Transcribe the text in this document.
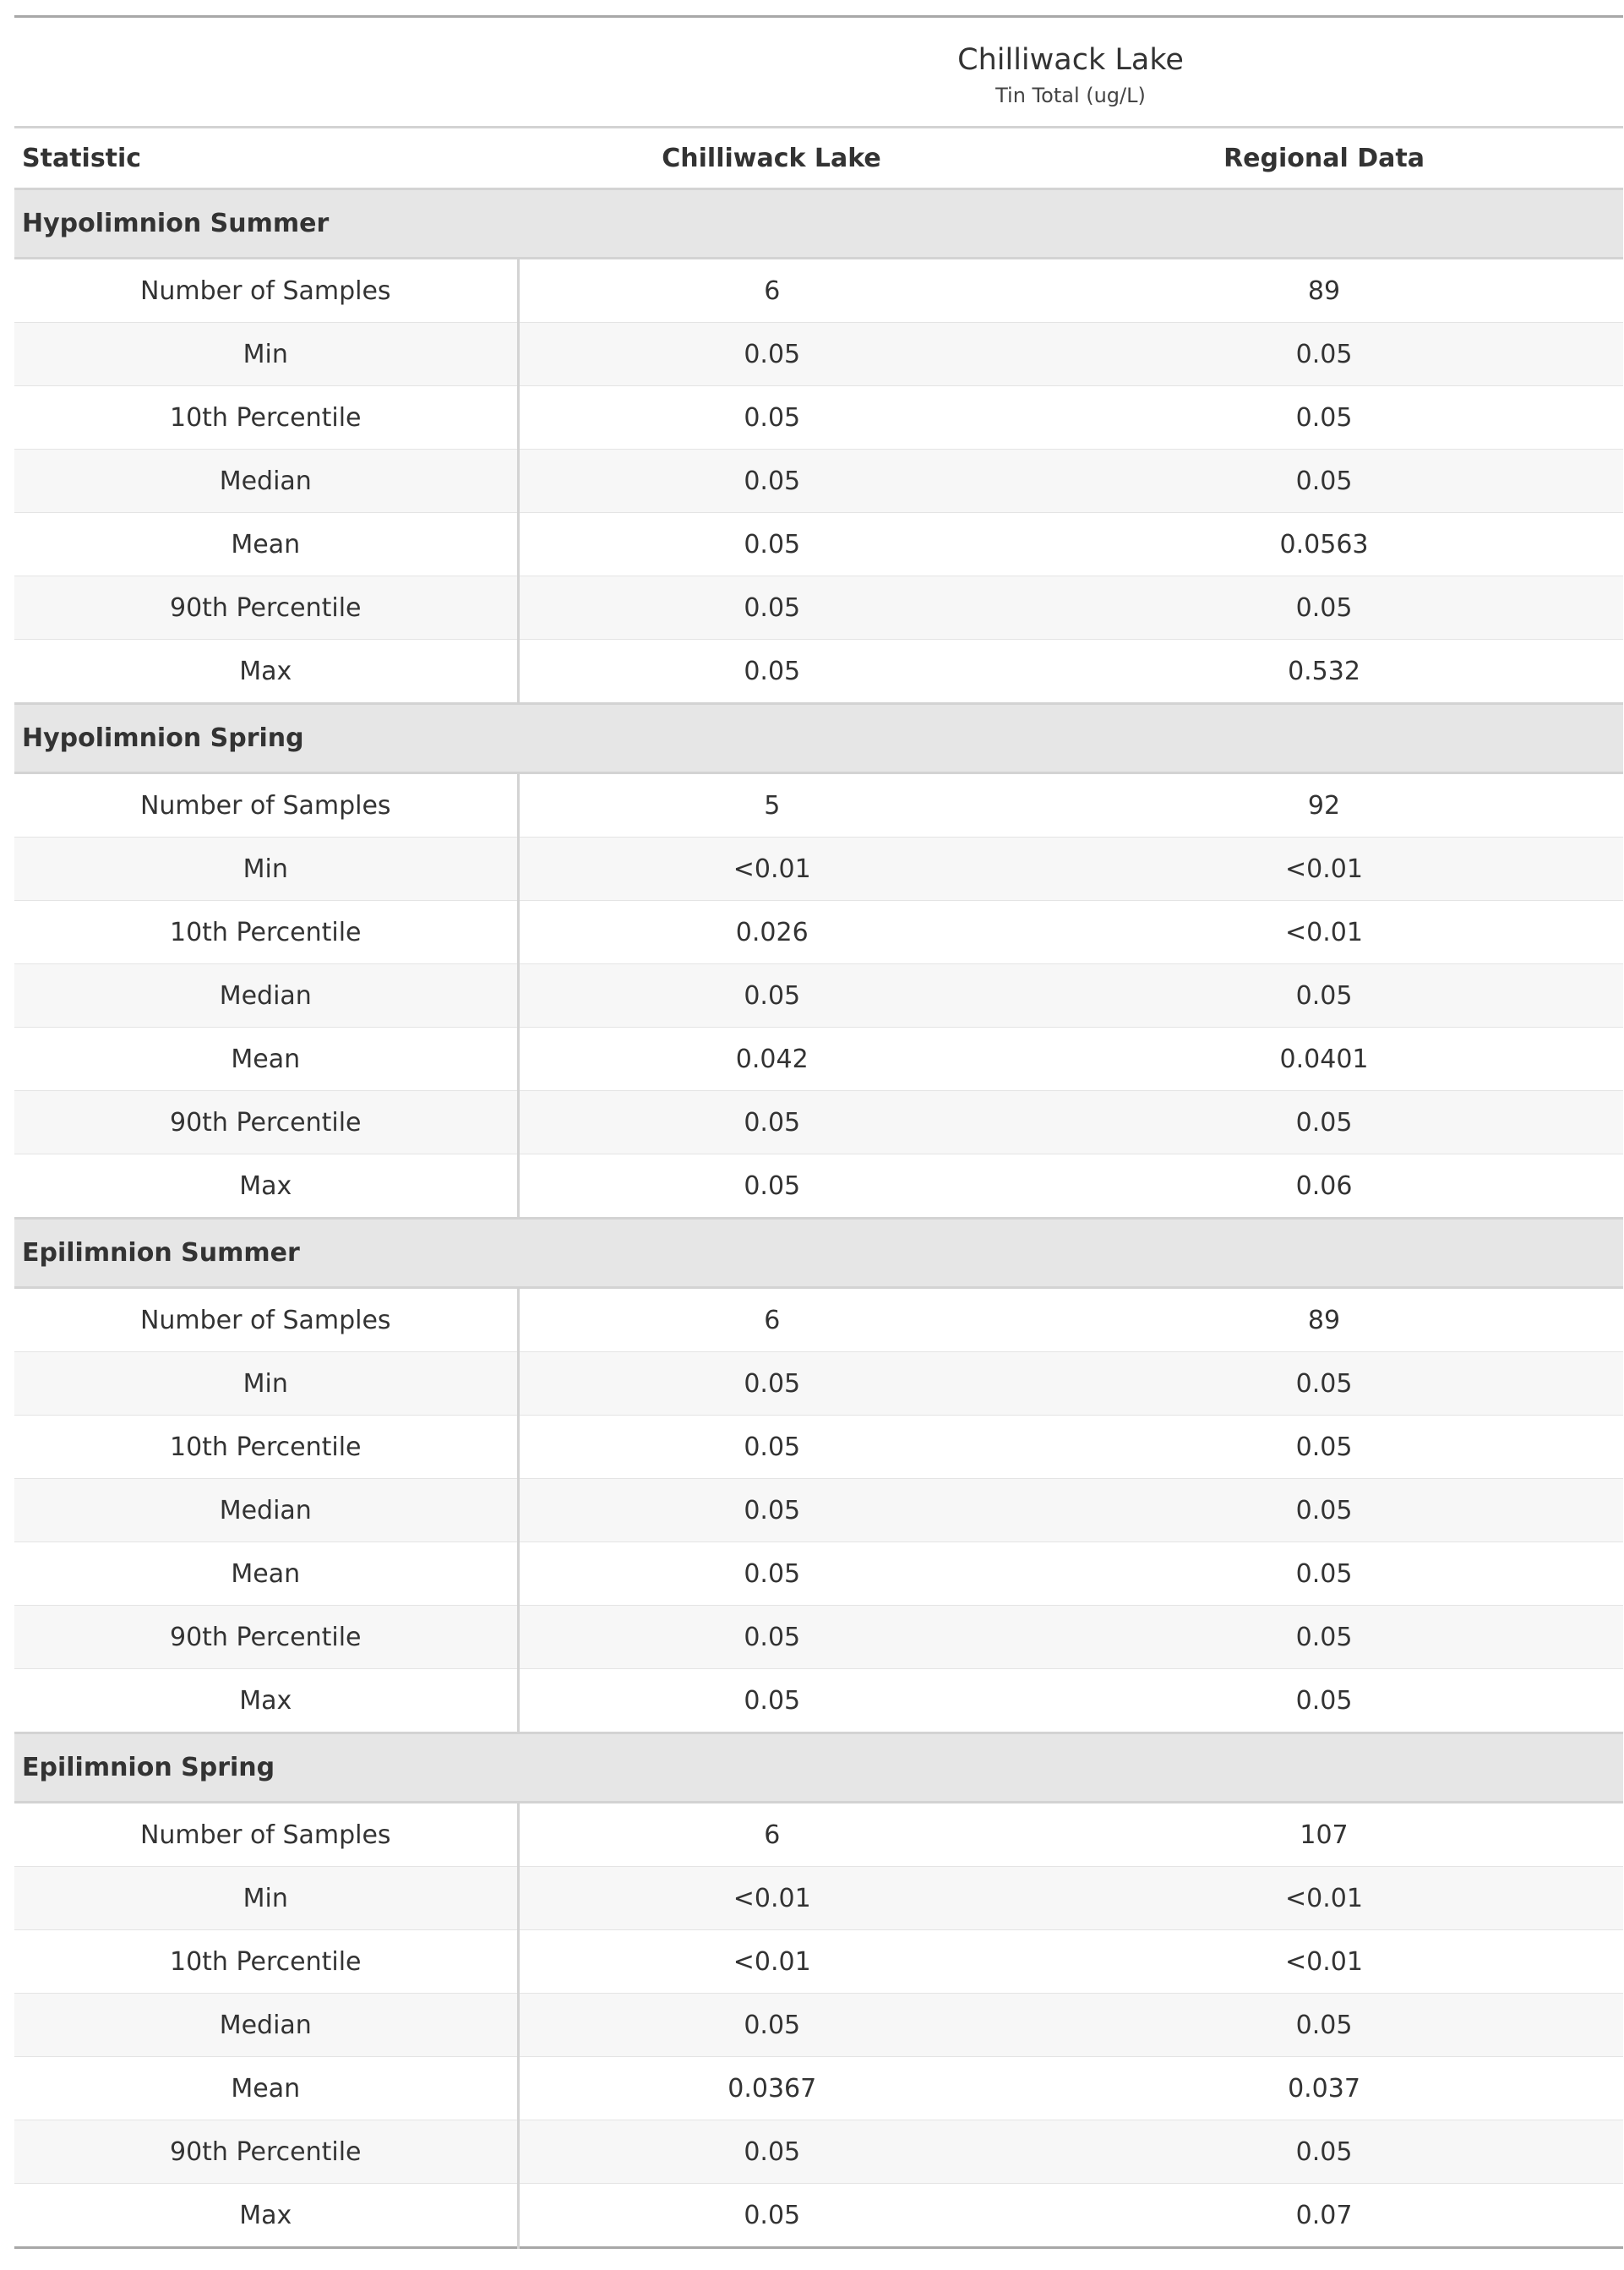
	Chilliwack Lake	
	Tin Total (ug/L)	
Statistic	Chilliwack Lake	Regional Data
Hypolimnion Summer		
Number of Samples	6	89
Min	0.05	0.05
10th Percentile	0.05	0.05
Median	0.05	0.05
Mean	0.05	0.0563
90th Percentile	0.05	0.05
Max	0.05	0.532
Hypolimnion Spring		
Number of Samples	5	92
Min	<0.01	<0.01
10th Percentile	0.026	<0.01
Median	0.05	0.05
Mean	0.042	0.0401
90th Percentile	0.05	0.05
Max	0.05	0.06
Epilimnion Summer		
Number of Samples	6	89
Min	0.05	0.05
10th Percentile	0.05	0.05
Median	0.05	0.05
Mean	0.05	0.05
90th Percentile	0.05	0.05
Max	0.05	0.05
Epilimnion Spring		
Number of Samples	6	107
Min	<0.01	<0.01
10th Percentile	<0.01	<0.01
Median	0.05	0.05
Mean	0.0367	0.037
90th Percentile	0.05	0.05
Max	0.05	0.07
